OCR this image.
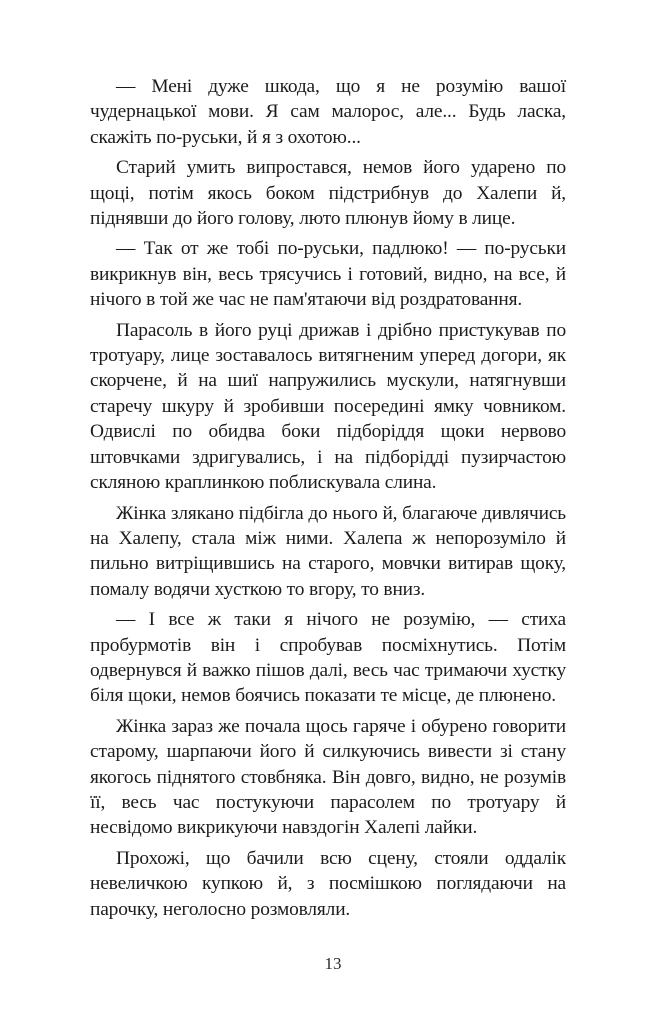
— Мені дуже шкода, що я не розумію вашої чудернацької мови. Я сам малорос, але... Будь ласка, скажіть по-руськи, й я з охотою...

Старий умить випростався, немов його ударено по щоці, потім якось боком підстрибнув до Халепи й, піднявши до його голову, люто плюнув йому в лице.

— Так от же тобі по-руськи, падлюко! — по-руськи викрикнув він, весь трясучись і готовий, видно, на все, й нічого в той же час не пам'ятаючи від роздратовання.

Парасоль в його руці дрижав і дрібно пристукував по тротуару, лице зоставалось витягненим уперед догори, як скорчене, й на шиї напружились мускули, натягнувши старечу шкуру й зробивши посередині ямку човником. Одвислі по обидва боки підборіддя щоки нервово штовчками здригувались, і на підборідді пузирчастою скляною краплинкою поблискувала слина.

Жінка злякано підбігла до нього й, благаюче дивлячись на Халепу, стала між ними. Халепа ж непорозуміло й пильно витріщившись на старого, мовчки витирав щоку, помалу водячи хусткою то вгору, то вниз.

— І все ж таки я нічого не розумію, — стиха пробурмотів він і спробував посміхнутись. Потім одвернувся й важко пішов далі, весь час тримаючи хустку біля щоки, немов боячись показати те місце, де плюнено.

Жінка зараз же почала щось гаряче і обурено говорити старому, шарпаючи його й силкуючись вивести зі стану якогось піднятого стовбняка. Він довго, видно, не розумів її, весь час постукуючи парасолем по тротуару й несвідомо викрикуючи навздогін Халепі лайки.

Прохожі, що бачили всю сцену, стояли оддалік невеличкою купкою й, з посмішкою поглядаючи на парочку, неголосно розмовляли.

13
